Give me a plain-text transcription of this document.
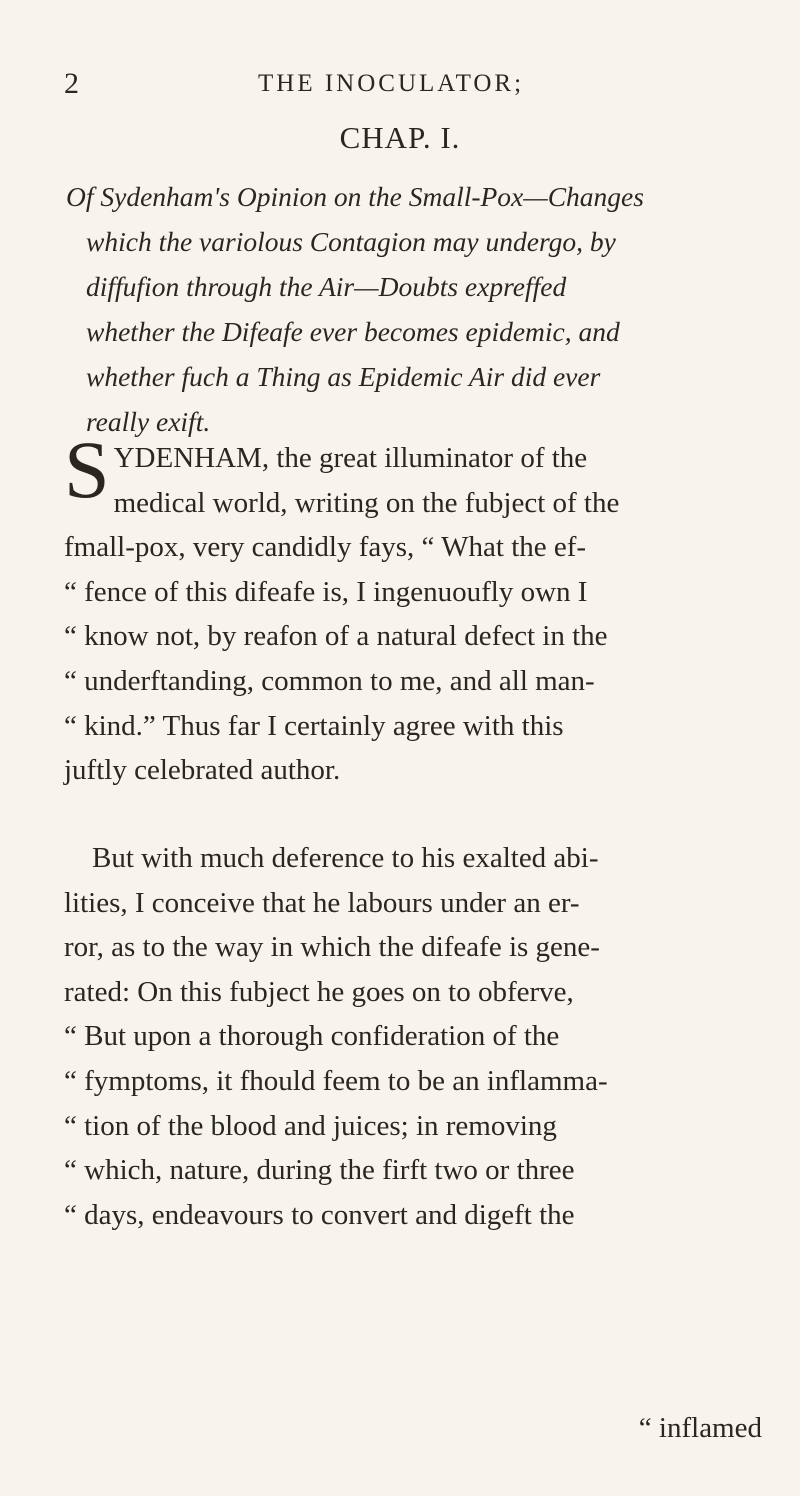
2	THE INOCULATOR;
CHAP. I.
Of Sydenham's Opinion on the Small-Pox—Changes
which the variolous Contagion may undergo, by
diffufion through the Air—Doubts expreffed
whether the Difeafe ever becomes epidemic, and
whether fuch a Thing as Epidemic Air did ever
really exift.
S YDENHAM, the great illuminator of the
medical world, writing on the fubject of the
fmall-pox, very candidly fays, “ What the ef-
“ fence of this difeafe is, I ingenuoufly own I
“ know not, by reafon of a natural defect in the
“ underftanding, common to me, and all man-
“ kind.” Thus far I certainly agree with this
juftly celebrated author.
But with much deference to his exalted abi-
lities, I conceive that he labours under an er-
ror, as to the way in which the difeafe is gene-
rated: On this fubject he goes on to obferve,
“ But upon a thorough confideration of the
“ fymptoms, it fhould feem to be an inflamma-
“ tion of the blood and juices; in removing
“ which, nature, during the firft two or three
“ days, endeavours to convert and digeft the
“ inflamed
